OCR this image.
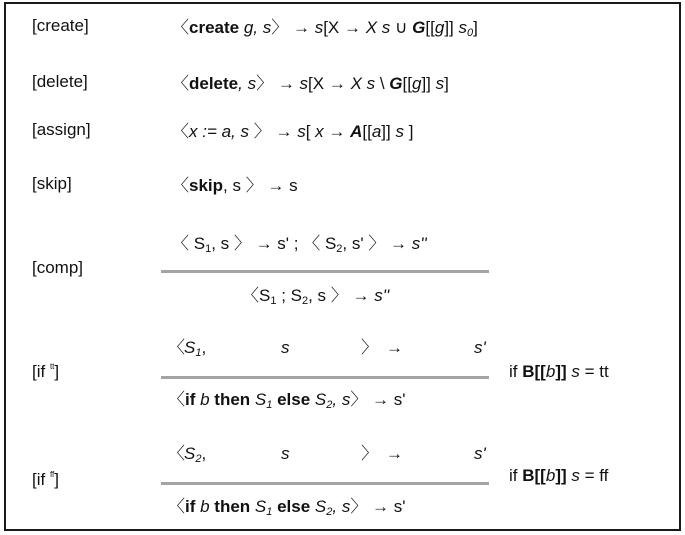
[create]	〈create g, s〉 → s[X → X s ∪ G[[g]] $s_0$]
[delete]	〈delete, s〉 → s[X → X s \ G[[g]] s]
[assign]	〈x := a, s 〉 → s[ x → A[[a]] s ]
[skip]	〈skip, s 〉 → s
[comp]
〈 $S_1$, s 〉 → s' ; 〈 $S_2$, s' 〉 → s''
〈$S_1$ ; $S_2$, s 〉 → s''
[if $^{tt}$]
〈 $S_1$,	s	〉 →	s'
〈if b then $S_1$ else $S_2$, s〉 → s'
if B[[b]] s = tt
[if $^{ff}$]
〈 $S_2$,	s	〉 →	s'
〈if b then $S_1$ else $S_2$, s〉 → s'
if B[[b]] s = ff
